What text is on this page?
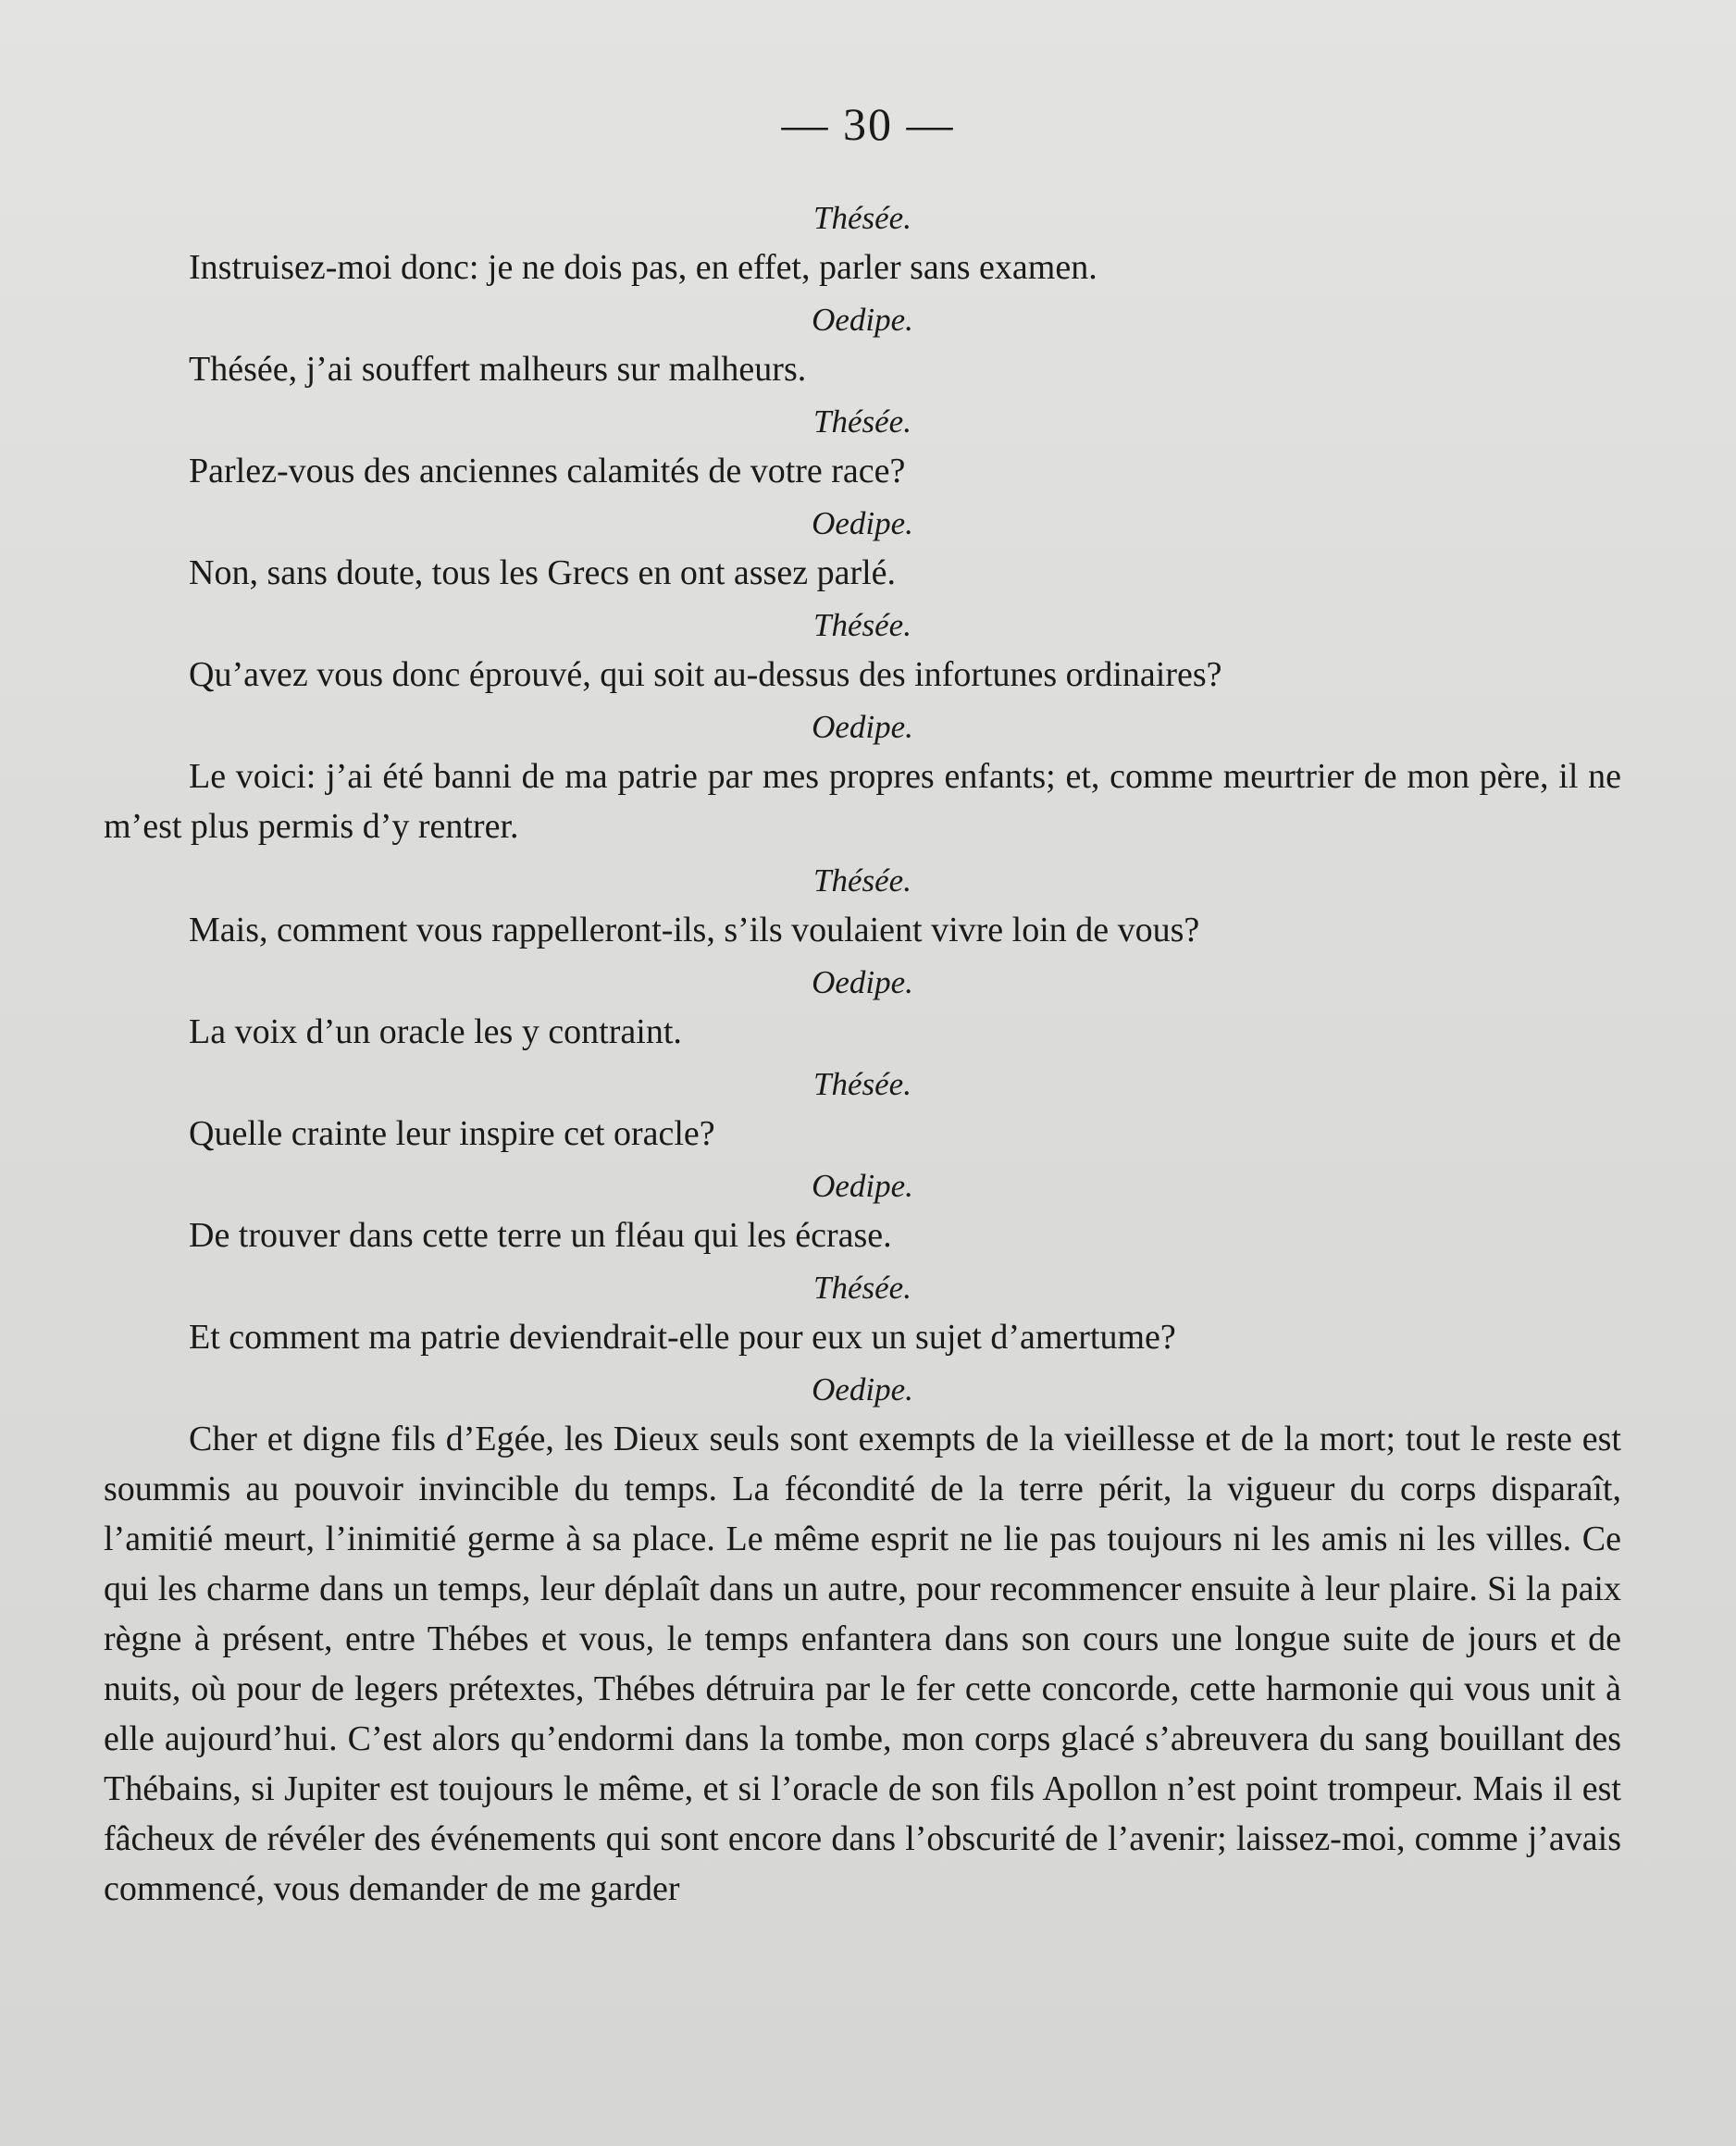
— 30 —

Thésée.

Instruisez-moi donc: je ne dois pas, en effet, parler sans examen.

Oedipe.

Thésée, j’ai souffert malheurs sur malheurs.

Thésée.

Parlez-vous des anciennes calamités de votre race?

Oedipe.

Non, sans doute, tous les Grecs en ont assez parlé.

Thésée.

Qu’avez vous donc éprouvé, qui soit au-dessus des infortunes ordinaires?

Oedipe.

Le voici: j’ai été banni de ma patrie par mes propres enfants; et, comme meurtrier de mon père, il ne m’est plus permis d’y rentrer.

Thésée.

Mais, comment vous rappelleront-ils, s’ils voulaient vivre loin de vous?

Oedipe.

La voix d’un oracle les y contraint.

Thésée.

Quelle crainte leur inspire cet oracle?

Oedipe.

De trouver dans cette terre un fléau qui les écrase.

Thésée.

Et comment ma patrie deviendrait-elle pour eux un sujet d’amertume?

Oedipe.

Cher et digne fils d’Egée, les Dieux seuls sont exempts de la vieillesse et de la mort; tout le reste est soummis au pouvoir invincible du temps. La fécondité de la terre périt, la vigueur du corps disparaît, l’amitié meurt, l’inimitié germe à sa place. Le même esprit ne lie pas toujours ni les amis ni les villes. Ce qui les charme dans un temps, leur déplaît dans un autre, pour recommencer ensuite à leur plaire. Si la paix règne à présent, entre Thébes et vous, le temps enfantera dans son cours une longue suite de jours et de nuits, où pour de legers prétextes, Thébes détruira par le fer cette concorde, cette harmonie qui vous unit à elle aujourd’hui. C’est alors qu’endormi dans la tombe, mon corps glacé s’abreuvera du sang bouillant des Thébains, si Jupiter est toujours le même, et si l’oracle de son fils Apollon n’est point trompeur. Mais il est fâcheux de révéler des événements qui sont encore dans l’obscurité de l’avenir; laissez-moi, comme j’avais commencé, vous demander de me garder
